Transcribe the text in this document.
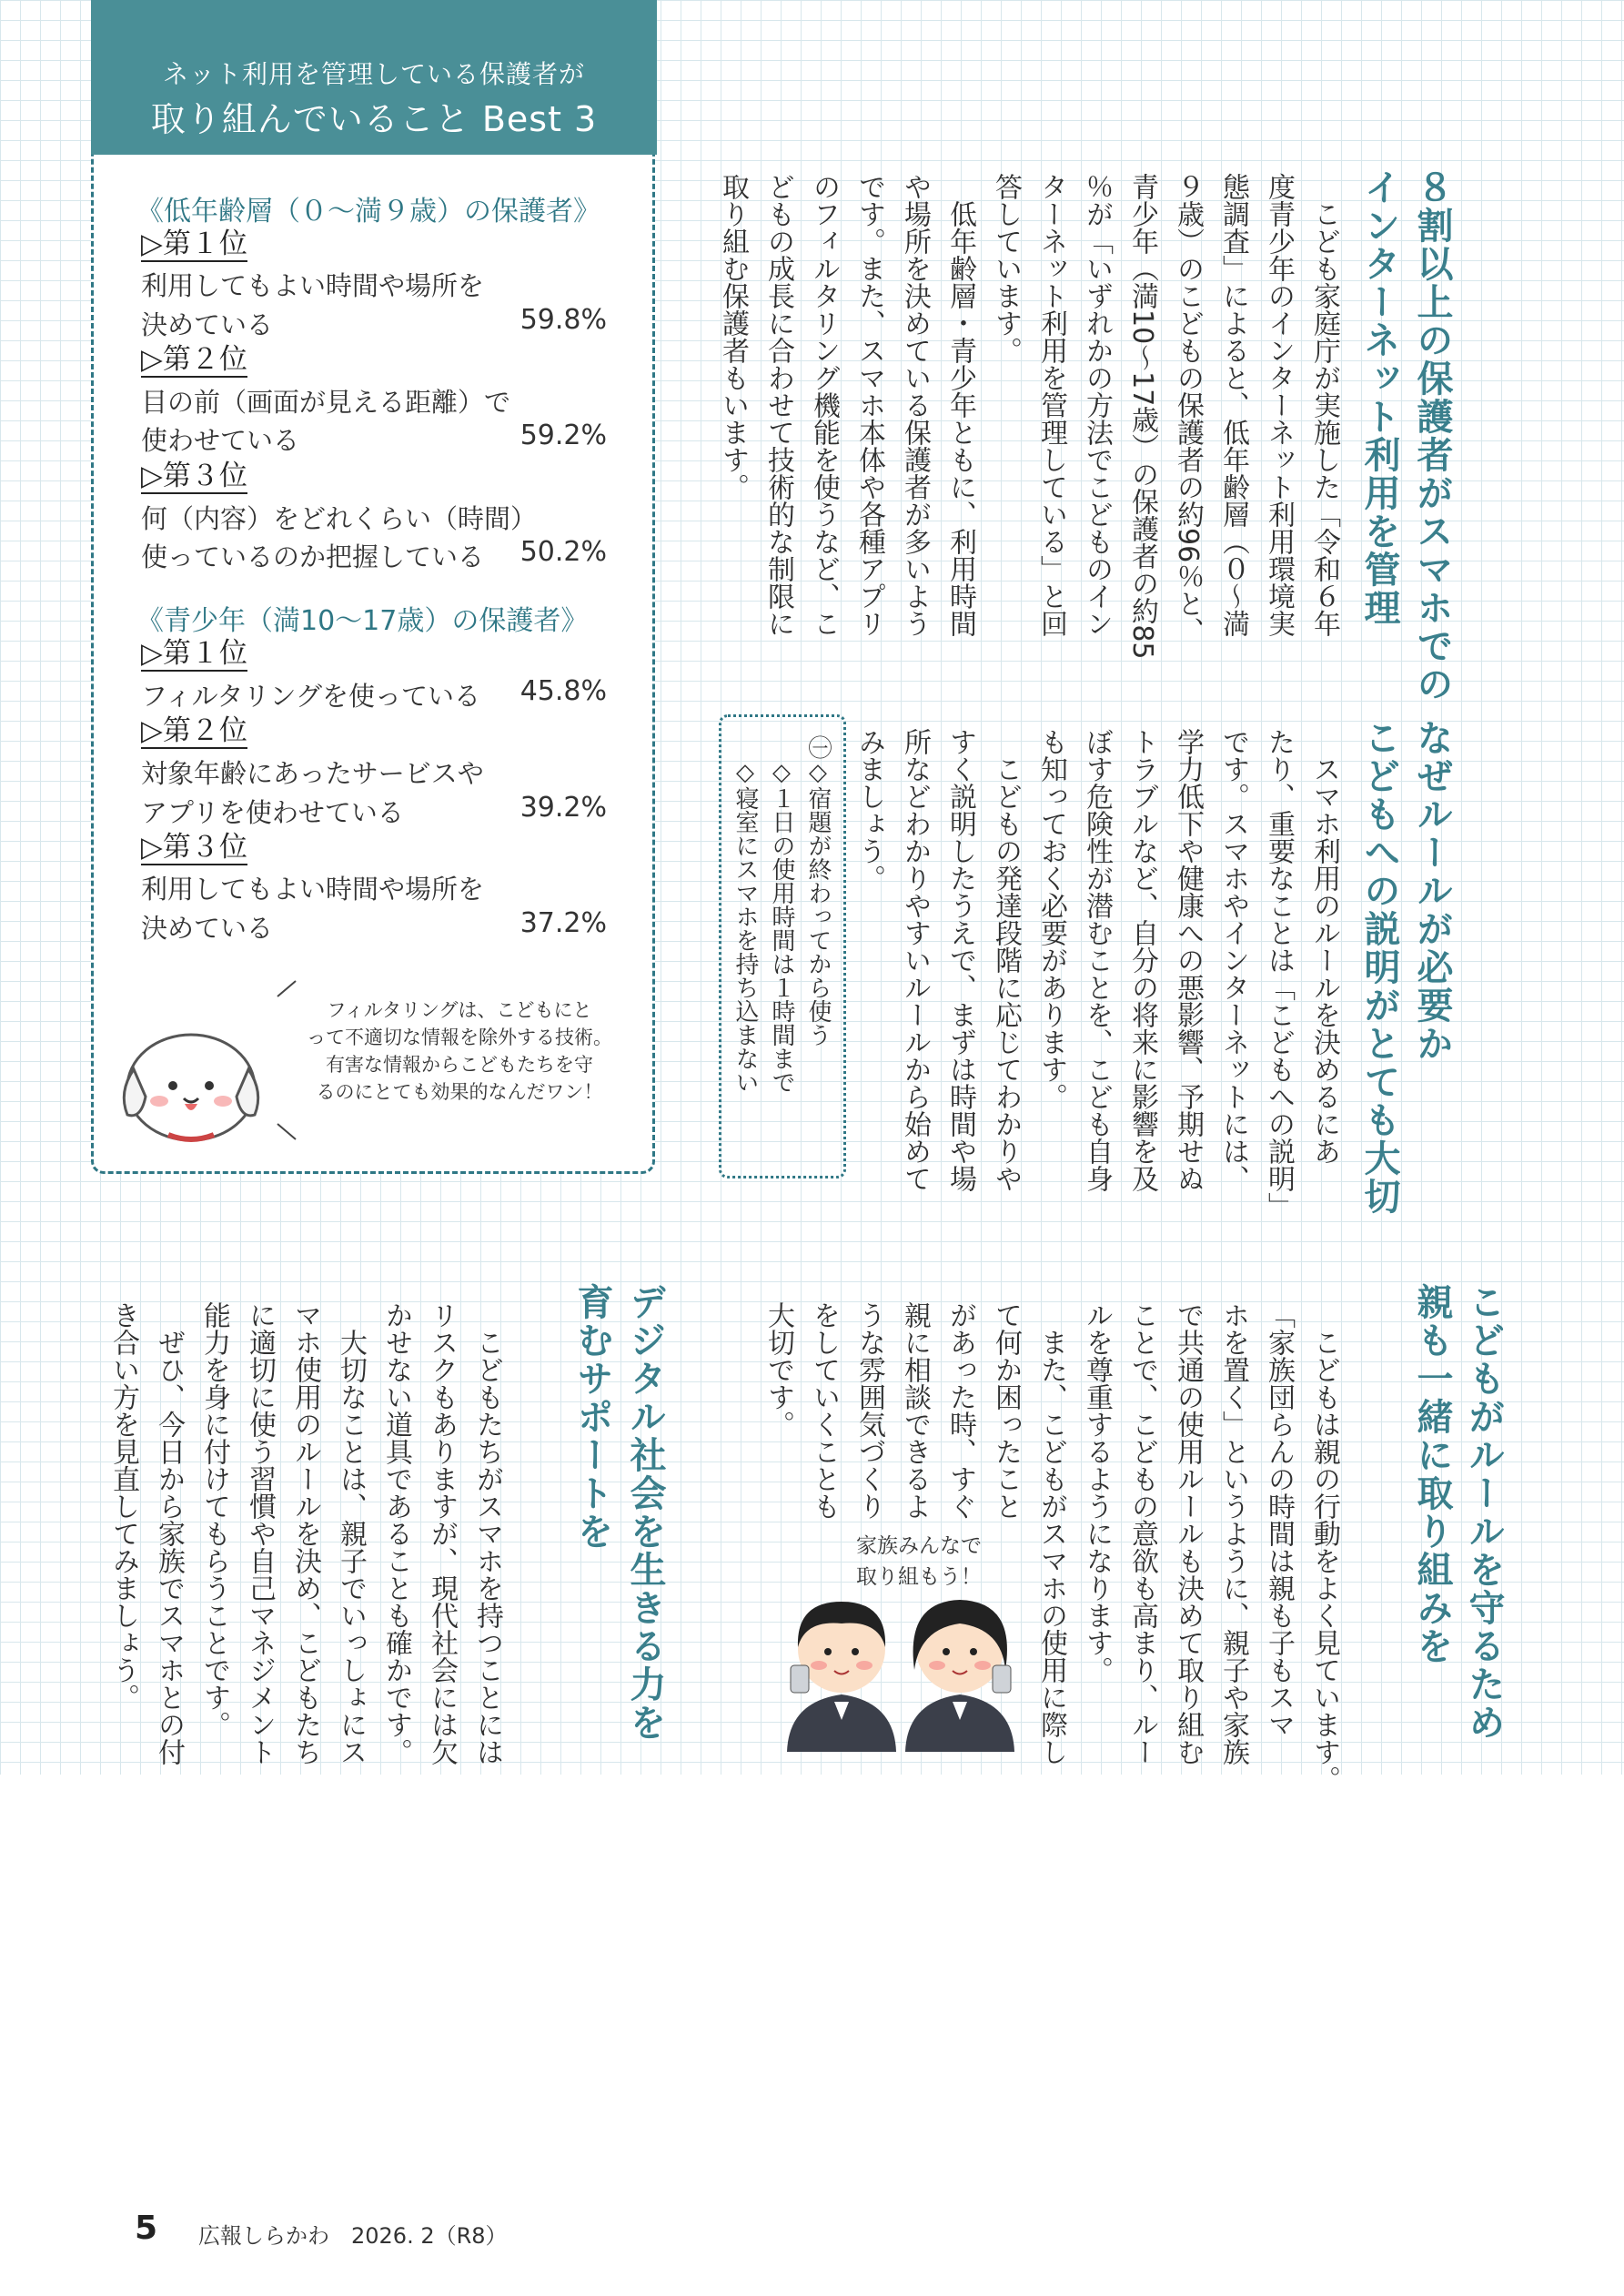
ネット利用を管理している保護者が
取り組んでいること Best 3
《低年齢層（０～満９歳）の保護者》
▷第１位
利用してもよい時間や場所を
決めている	59.8%
▷第２位
目の前（画面が見える距離）で
使わせている	59.2%
▷第３位
何（内容）をどれくらい（時間）
使っているのか把握している 50.2%
《青少年（満10～17歳）の保護者》
▷第１位
フィルタリングを使っている 45.8%
▷第２位
対象年齢にあったサービスや
アプリを使わせている	39.2%
▷第３位
利用してもよい時間や場所を
決めている	37.2%
フィルタリングは、こどもにと
って不適切な情報を除外する技術。
有害な情報からこどもたちを守
るのにとても効果的なんだワン！
８割以上の保護者がスマホでの
インターネット利用を管理
　こども家庭庁が実施した「令和６年
度青少年のインターネット利用環境実
態調査」によると、低年齢層（０～満
９歳）のこどもの保護者の約96％と、
青少年（満10～17歳）の保護者の約85
％が「いずれかの方法でこどものイン
ターネット利用を管理している」と回
答しています。
　低年齢層・青少年ともに、利用時間
や場所を決めている保護者が多いよう
です。また、スマホ本体や各種アプリ
のフィルタリング機能を使うなど、こ
どもの成長に合わせて技術的な制限に
取り組む保護者もいます。
なぜルールが必要か
こどもへの説明がとても大切
　スマホ利用のルールを決めるにあ
たり、重要なことは「こどもへの説明」
です。スマホやインターネットには、
学力低下や健康への悪影響、予期せぬ
トラブルなど、自分の将来に影響を及
ぼす危険性が潜むことを、こども自身
も知っておく必要があります。
　こどもの発達段階に応じてわかりや
すく説明したうえで、まずは時間や場
所などわかりやすいルールから始めて
みましょう。
㊀◇宿題が終わってから使う
　◇１日の使用時間は１時間まで
　◇寝室にスマホを持ち込まない
こどもがルールを守るため
親も一緒に取り組みを
　こどもは親の行動をよく見ています。
「家族団らんの時間は親も子もスマ
ホを置く」というように、親子や家族
で共通の使用ルールも決めて取り組む
ことで、こどもの意欲も高まり、ルー
ルを尊重するようになります。
　また、こどもがスマホの使用に際し
て何か困ったこと
があった時、すぐ
親に相談できるよ
うな雰囲気づくり
をしていくことも
大切です。
家族みんなで
取り組もう！
デジタル社会を生きる力を
育むサポートを
　こどもたちがスマホを持つことには
リスクもありますが、現代社会には欠
かせない道具であることも確かです。
　大切なことは、親子でいっしょにス
マホ使用のルールを決め、こどもたち
に適切に使う習慣や自己マネジメント
能力を身に付けてもらうことです。
　ぜひ、今日から家族でスマホとの付
き合い方を見直してみましょう。
5 広報しらかわ　2026. 2（R8）
